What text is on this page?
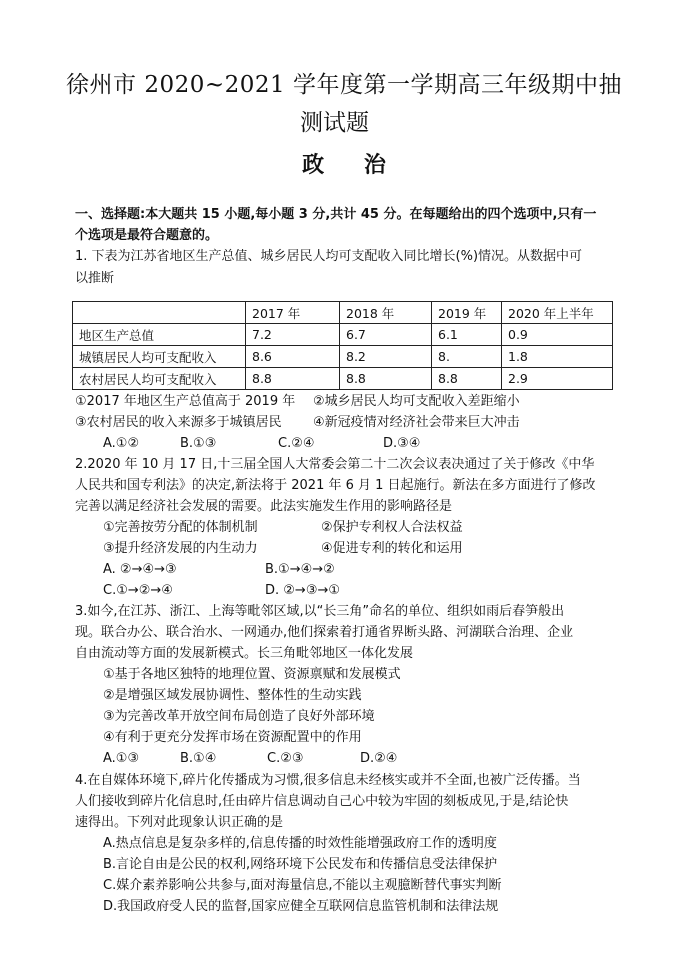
徐州市 2020~2021 学年度第一学期高三年级期中抽
测试题
政 治
一、选择题:本大题共 15 小题,每小题 3 分,共计 45 分。在每题给出的四个选项中,只有一
个选项是最符合题意的。
1. 下表为江苏省地区生产总值、城乡居民人均可支配收入同比增长(%)情况。从数据中可
以推断
	2017 年	2018 年	2019 年	2020 年上半年
地区生产总值	7.2	6.7	6.1	0.9
城镇居民人均可支配收入	8.6	8.2	8.	1.8
农村居民人均可支配收入	8.8	8.8	8.8	2.9
①2017 年地区生产总值高于 2019 年 ②城乡居民人均可支配收入差距缩小
③农村居民的收入来源多于城镇居民 ④新冠疫情对经济社会带来巨大冲击
A.①②	B.①③	C.②④	D.③④
2.2020 年 10 月 17 日,十三届全国人大常委会第二十二次会议表决通过了关于修改《中华
人民共和国专利法》的决定,新法将于 2021 年 6 月 1 日起施行。新法在多方面进行了修改
完善以满足经济社会发展的需要。此法实施发生作用的影响路径是
①完善按劳分配的体制机制	②保护专利权人合法权益
③提升经济发展的内生动力	④促进专利的转化和运用
A. ②→④→③	B.①→④→②
C.①→②→④	D. ②→③→①
3.如今,在江苏、浙江、上海等毗邻区域,以“长三角”命名的单位、组织如雨后春笋般出
现。联合办公、联合治水、一网通办,他们探索着打通省界断头路、河湖联合治理、企业
自由流动等方面的发展新模式。长三角毗邻地区一体化发展
①基于各地区独特的地理位置、资源禀赋和发展模式
②是增强区域发展协调性、整体性的生动实践
③为完善改革开放空间布局创造了良好外部环境
④有利于更充分发挥市场在资源配置中的作用
A.①③	B.①④	C.②③	D.②④
4.在自媒体环境下,碎片化传播成为习惯,很多信息未经核实或并不全面,也被广泛传播。当
人们接收到碎片化信息时,任由碎片信息调动自己心中较为牢固的刻板成见,于是,结论快
速得出。下列对此现象认识正确的是
A.热点信息是复杂多样的,信息传播的时效性能增强政府工作的透明度
B.言论自由是公民的权利,网络环境下公民发布和传播信息受法律保护
C.媒介素养影响公共参与,面对海量信息,不能以主观臆断替代事实判断
D.我国政府受人民的监督,国家应健全互联网信息监管机制和法律法规
